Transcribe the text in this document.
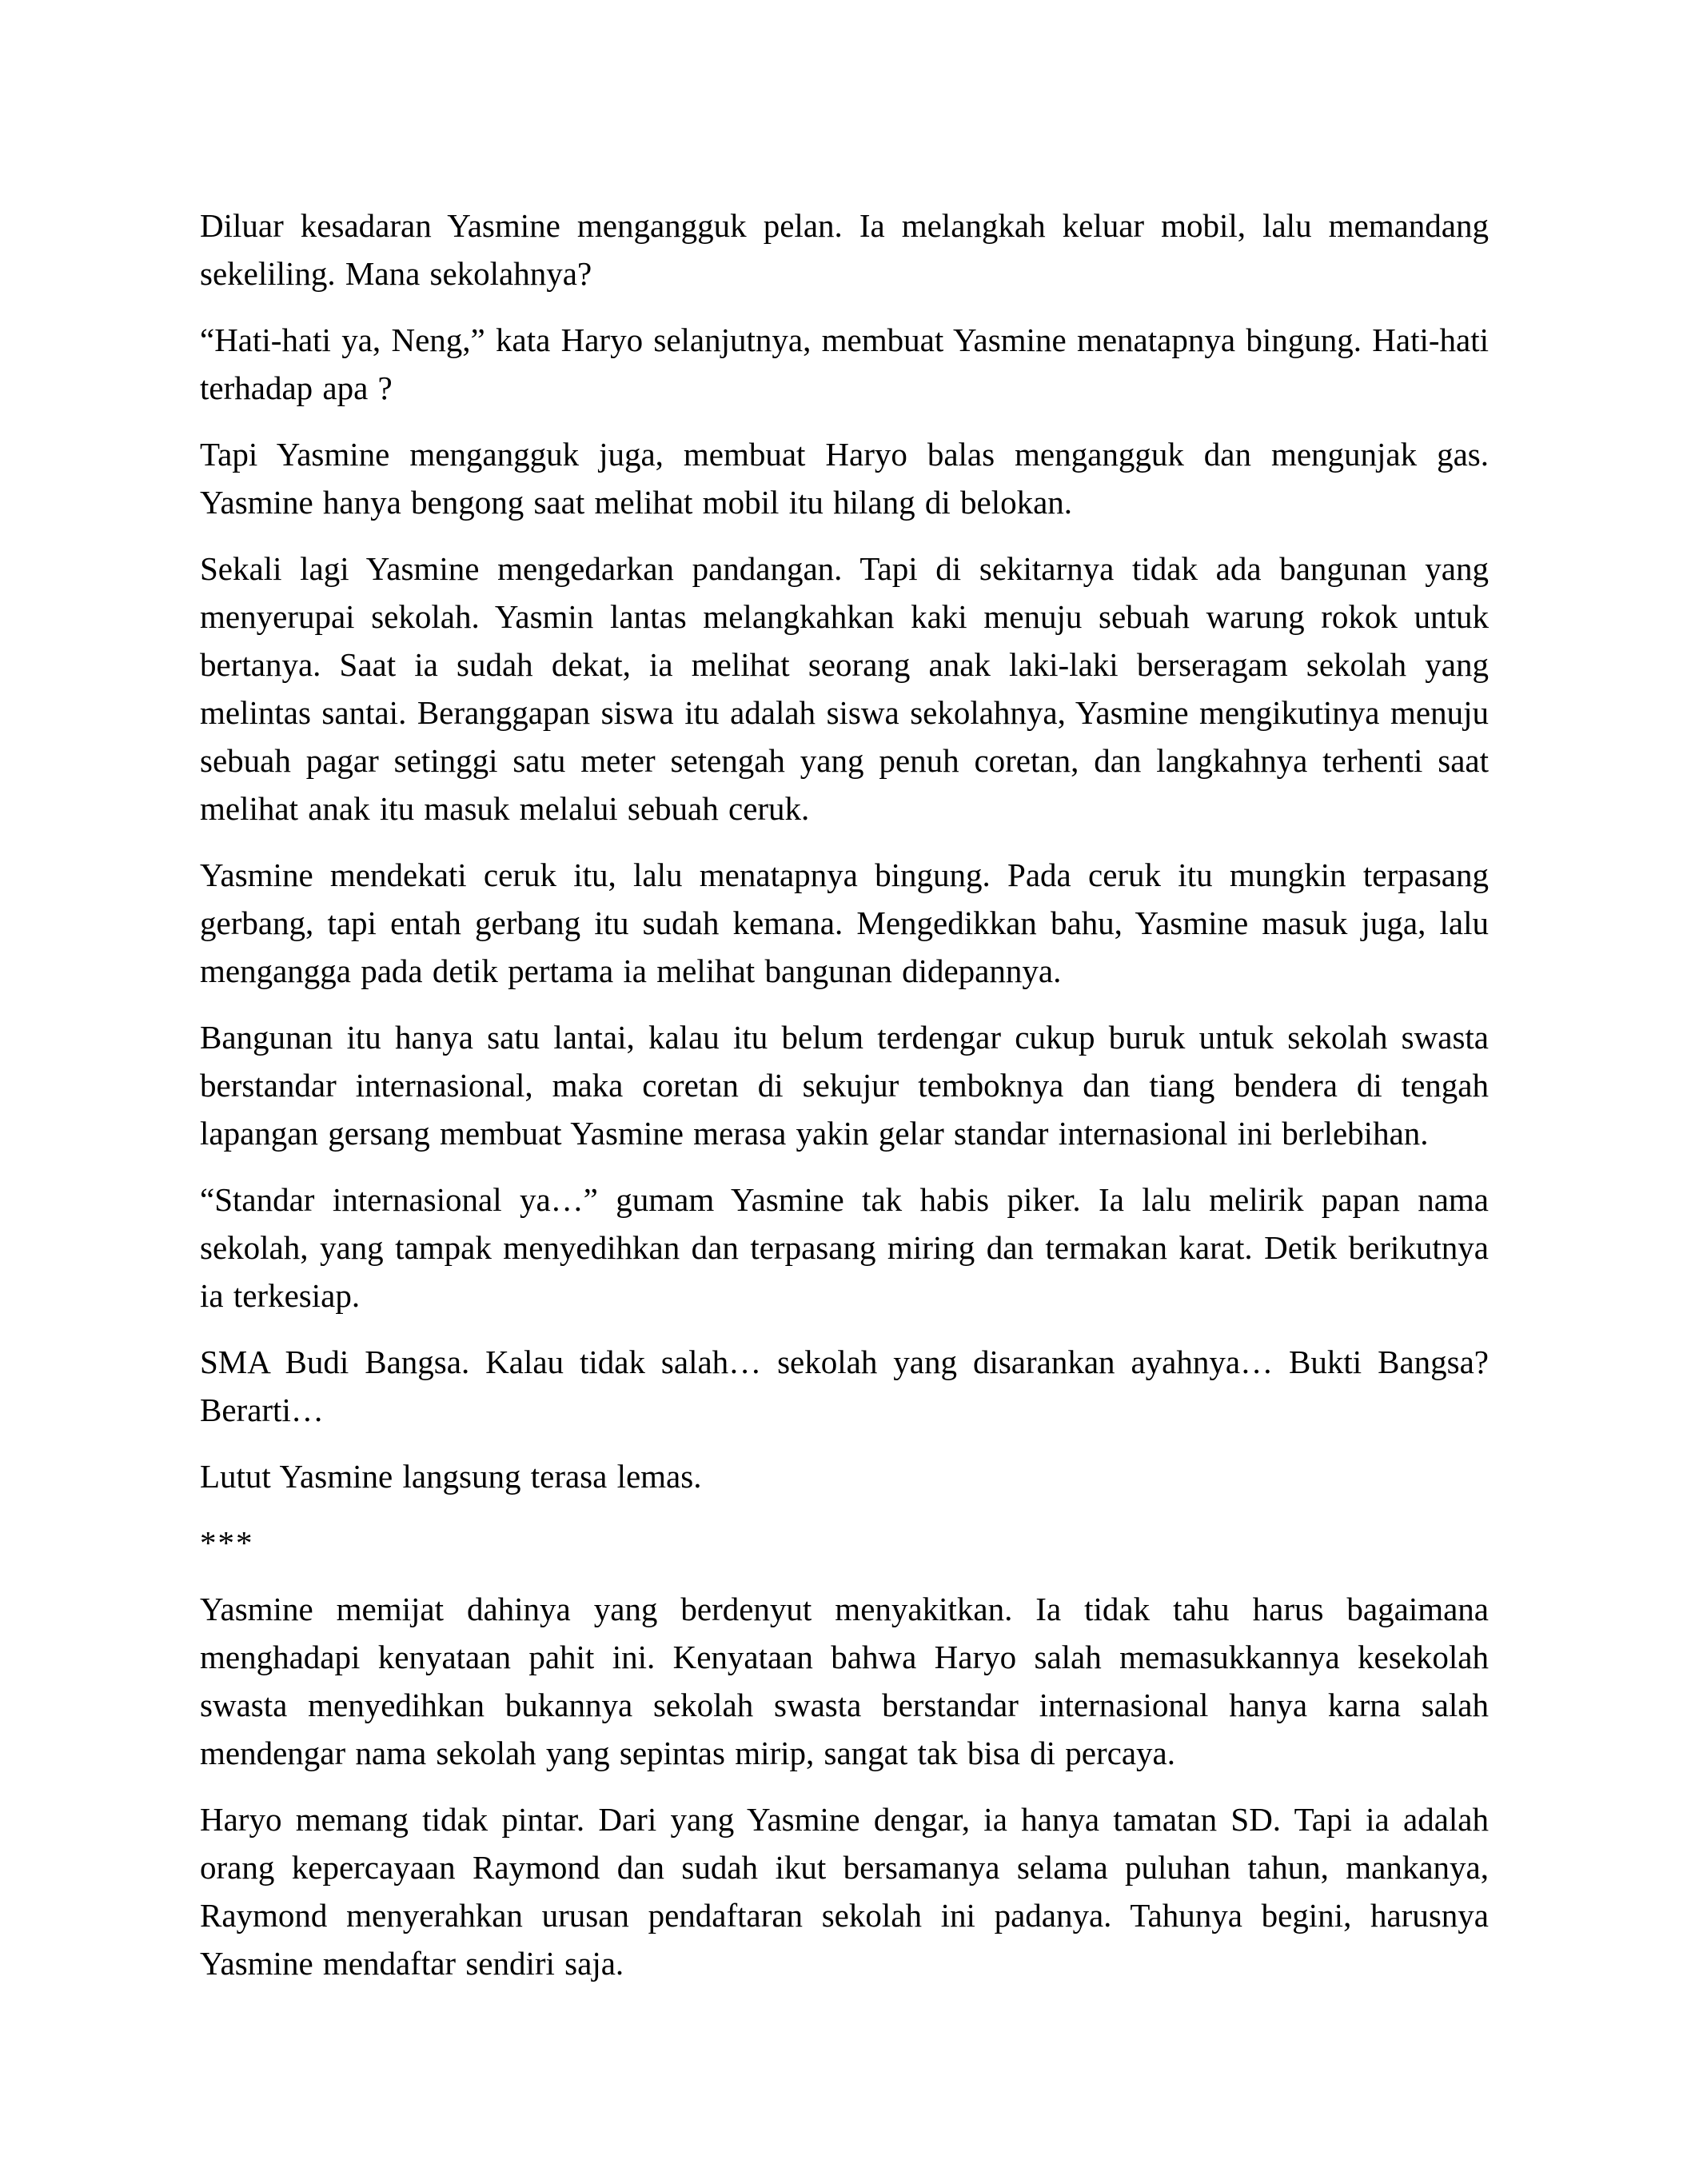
Diluar kesadaran Yasmine mengangguk pelan. Ia melangkah keluar mobil, lalu memandang sekeliling. Mana sekolahnya?

“Hati-hati ya, Neng,” kata Haryo selanjutnya, membuat Yasmine menatapnya bingung. Hati-hati terhadap apa ?

Tapi Yasmine mengangguk juga, membuat Haryo balas mengangguk dan mengunjak gas. Yasmine hanya bengong saat melihat mobil itu hilang di belokan.

Sekali lagi Yasmine mengedarkan pandangan. Tapi di sekitarnya tidak ada bangunan yang menyerupai sekolah. Yasmin lantas melangkahkan kaki menuju sebuah warung rokok untuk bertanya. Saat ia sudah dekat, ia melihat seorang anak laki-laki berseragam sekolah yang melintas santai. Beranggapan siswa itu adalah siswa sekolahnya, Yasmine mengikutinya menuju sebuah pagar setinggi satu meter setengah yang penuh coretan, dan langkahnya terhenti saat melihat anak itu masuk melalui sebuah ceruk.

Yasmine mendekati ceruk itu, lalu menatapnya bingung. Pada ceruk itu mungkin terpasang gerbang, tapi entah gerbang itu sudah kemana. Mengedikkan bahu, Yasmine masuk juga, lalu mengangga pada detik pertama ia melihat bangunan didepannya.

Bangunan itu hanya satu lantai, kalau itu belum terdengar cukup buruk untuk sekolah swasta berstandar internasional, maka coretan di sekujur temboknya dan tiang bendera di tengah lapangan gersang membuat Yasmine merasa yakin gelar standar internasional ini berlebihan.

“Standar internasional ya…” gumam Yasmine tak habis piker. Ia lalu melirik papan nama sekolah, yang tampak menyedihkan dan terpasang miring dan termakan karat. Detik berikutnya ia terkesiap.

SMA Budi Bangsa. Kalau tidak salah… sekolah yang disarankan ayahnya… Bukti Bangsa? Berarti…

Lutut Yasmine langsung terasa lemas.

***

Yasmine memijat dahinya yang berdenyut menyakitkan. Ia tidak tahu harus bagaimana menghadapi kenyataan pahit ini. Kenyataan bahwa Haryo salah memasukkannya kesekolah swasta menyedihkan bukannya sekolah swasta berstandar internasional hanya karna salah mendengar nama sekolah yang sepintas mirip, sangat tak bisa di percaya.

Haryo memang tidak pintar. Dari yang Yasmine dengar, ia hanya tamatan SD. Tapi ia adalah orang kepercayaan Raymond dan sudah ikut bersamanya selama puluhan tahun, mankanya, Raymond menyerahkan urusan pendaftaran sekolah ini padanya. Tahunya begini, harusnya Yasmine mendaftar sendiri saja.
